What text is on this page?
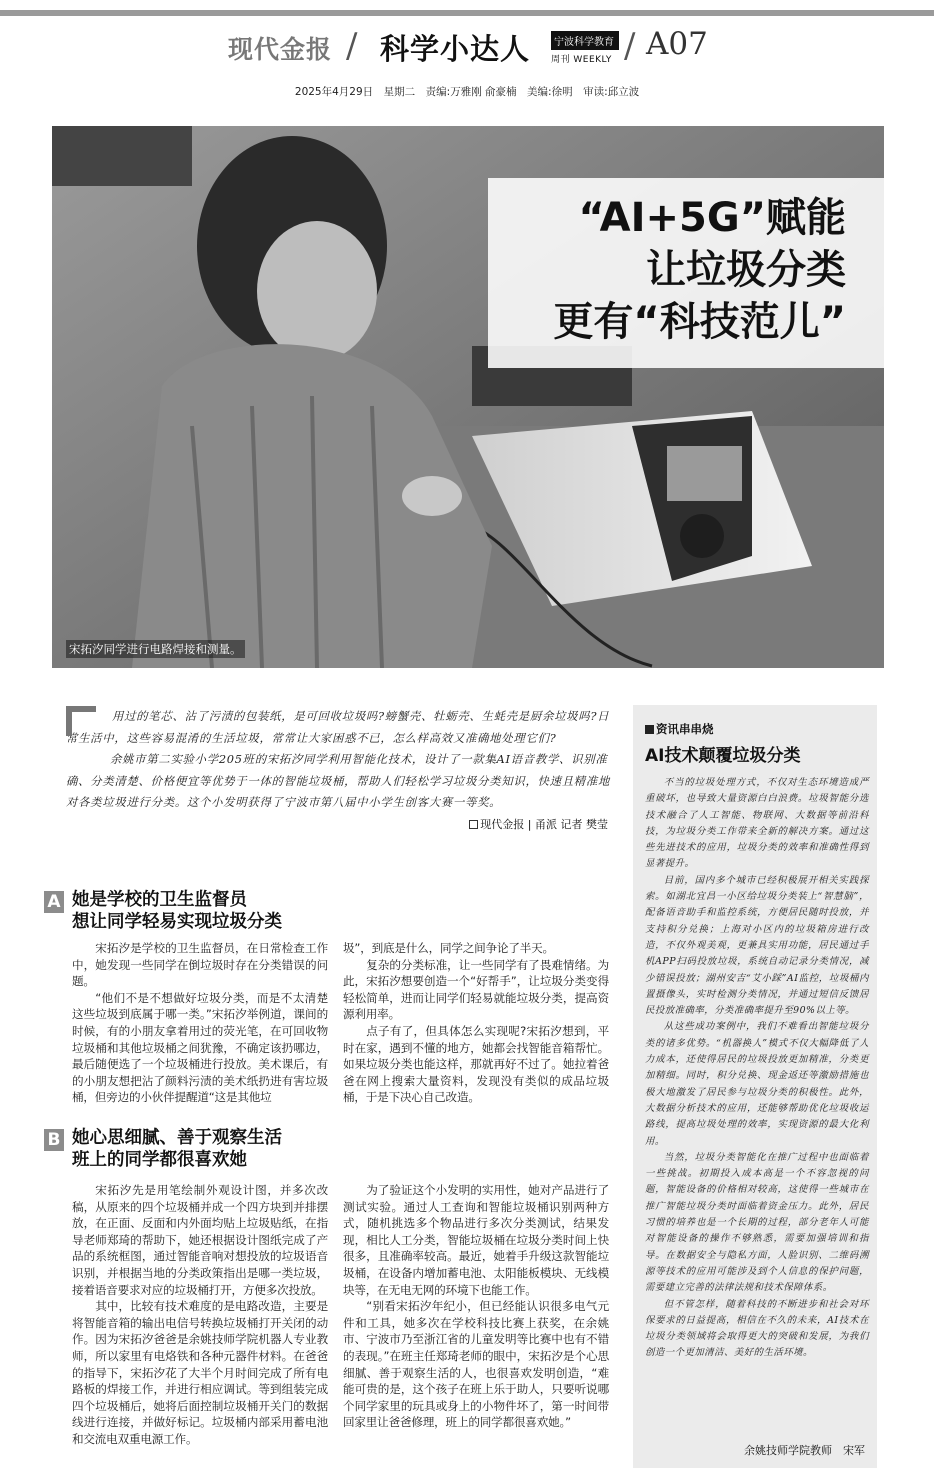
现代金报 / 科学小达人	宁波科学教育
周刊 WEEKLY / A07
2025年4月29日　星期二　责编:万雅刚 俞豪楠　美编:徐明　审读:邱立波
“AI+5G”赋能
让垃圾分类
更有“科技范儿”
宋拓汐同学进行电路焊接和测量。

用过的笔芯、沾了污渍的包装纸，是可回收垃圾吗?螃蟹壳、牡蛎壳、生蚝壳是厨余垃圾吗?日常生活中，这些容易混淆的生活垃圾，常常让大家困惑不已，怎么样高效又准确地处理它们?

余姚市第二实验小学205班的宋拓汐同学利用智能化技术，设计了一款集AI语音教学、识别准确、分类清楚、价格便宜等优势于一体的智能垃圾桶，帮助人们轻松学习垃圾分类知识，快速且精准地对各类垃圾进行分类。这个小发明获得了宁波市第八届中小学生创客大赛一等奖。

现代金报 | 甬派 记者 樊莹
A 她是学校的卫生监督员
想让同学轻易实现垃圾分类

宋拓汐是学校的卫生监督员，在日常检查工作中，她发现一些同学在倒垃圾时存在分类错误的问题。

“他们不是不想做好垃圾分类，而是不太清楚这些垃圾到底属于哪一类。”宋拓汐举例道，课间的时候，有的小朋友拿着用过的荧光笔，在可回收物垃圾桶和其他垃圾桶之间犹豫，不确定该扔哪边，最后随便选了一个垃圾桶进行投放。美术课后，有的小朋友想把沾了颜料污渍的美术纸扔进有害垃圾桶，但旁边的小伙伴提醒道“这是其他垃

圾”，到底是什么，同学之间争论了半天。

复杂的分类标准，让一些同学有了畏难情绪。为此，宋拓汐想要创造一个“好帮手”，让垃圾分类变得轻松简单，进而让同学们轻易就能垃圾分类，提高资源利用率。

点子有了，但具体怎么实现呢?宋拓汐想到，平时在家，遇到不懂的地方，她都会找智能音箱帮忙。如果垃圾分类也能这样，那就再好不过了。她拉着爸爸在网上搜索大量资料，发现没有类似的成品垃圾桶，于是下决心自己改造。

B 她心思细腻、善于观察生活
班上的同学都很喜欢她

宋拓汐先是用笔绘制外观设计图，并多次改稿，从原来的四个垃圾桶并成一个四方块到并排摆放，在正面、反面和内外面均贴上垃圾贴纸，在指导老师郑琦的帮助下，她还根据设计图纸完成了产品的系统框图，通过智能音响对想投放的垃圾语音识别，并根据当地的分类政策指出是哪一类垃圾，接着语音要求对应的垃圾桶打开，方便多次投放。

其中，比较有技术难度的是电路改造，主要是将智能音箱的输出电信号转换垃圾桶打开关闭的动作。因为宋拓汐爸爸是余姚技师学院机器人专业教师，所以家里有电烙铁和各种元器件材料。在爸爸的指导下，宋拓汐花了大半个月时间完成了所有电路板的焊接工作，并进行相应调试。等到组装完成四个垃圾桶后，她将后面控制垃圾桶开关门的数据线进行连接，并做好标记。垃圾桶内部采用蓄电池和交流电双重电源工作。

为了验证这个小发明的实用性，她对产品进行了测试实验。通过人工查询和智能垃圾桶识别两种方式，随机挑选多个物品进行多次分类测试，结果发现，相比人工分类，智能垃圾桶在垃圾分类时间上快很多，且准确率较高。最近，她着手升级这款智能垃圾桶，在设备内增加蓄电池、太阳能板模块、无线模块等，在无电无网的环境下也能工作。

“别看宋拓汐年纪小，但已经能认识很多电气元件和工具，她多次在学校科技比赛上获奖，在余姚市、宁波市乃至浙江省的儿童发明等比赛中也有不错的表现。”在班主任郑琦老师的眼中，宋拓汐是个心思细腻、善于观察生活的人，也很喜欢发明创造，“难能可贵的是，这个孩子在班上乐于助人，只要听说哪个同学家里的玩具或身上的小物件坏了，第一时间带回家里让爸爸修理，班上的同学都很喜欢她。”

资讯串串烧
AI技术颠覆垃圾分类

不当的垃圾处理方式，不仅对生态环境造成严重破坏，也导致大量资源白白浪费。垃圾智能分选技术融合了人工智能、物联网、大数据等前沿科技，为垃圾分类工作带来全新的解决方案。通过这些先进技术的应用，垃圾分类的效率和准确性得到显著提升。

目前，国内多个城市已经积极展开相关实践探索。如湖北宜昌一小区给垃圾分类装上“智慧脑”，配备语音助手和监控系统，方便居民随时投放，并支持积分兑换；上海对小区内的垃圾箱房进行改造，不仅外观美观，更兼具实用功能，居民通过手机APP扫码投放垃圾，系统自动记录分类情况，减少错误投放；湖州安吉“艾小踩”AI监控，垃圾桶内置摄像头，实时检测分类情况，并通过短信反馈居民投放准确率，分类准确率提升至90%以上等。

从这些成功案例中，我们不难看出智能垃圾分类的诸多优势。“机器换人”模式不仅大幅降低了人力成本，还使得居民的垃圾投放更加精准，分类更加精细。同时，积分兑换、现金返还等激励措施也极大地激发了居民参与垃圾分类的积极性。此外，大数据分析技术的应用，还能够帮助优化垃圾收运路线，提高垃圾处理的效率，实现资源的最大化利用。

当然，垃圾分类智能化在推广过程中也面临着一些挑战。初期投入成本高是一个不容忽视的问题，智能设备的价格相对较高，这使得一些城市在推广智能垃圾分类时面临着资金压力。此外，居民习惯的培养也是一个长期的过程，部分老年人可能对智能设备的操作不够熟悉，需要加强培训和指导。在数据安全与隐私方面，人脸识别、二维码溯源等技术的应用可能涉及到个人信息的保护问题，需要建立完善的法律法规和技术保障体系。

但不管怎样，随着科技的不断进步和社会对环保要求的日益提高，相信在不久的未来，AI技术在垃圾分类领域将会取得更大的突破和发展，为我们创造一个更加清洁、美好的生活环境。

余姚技师学院教师　宋军
